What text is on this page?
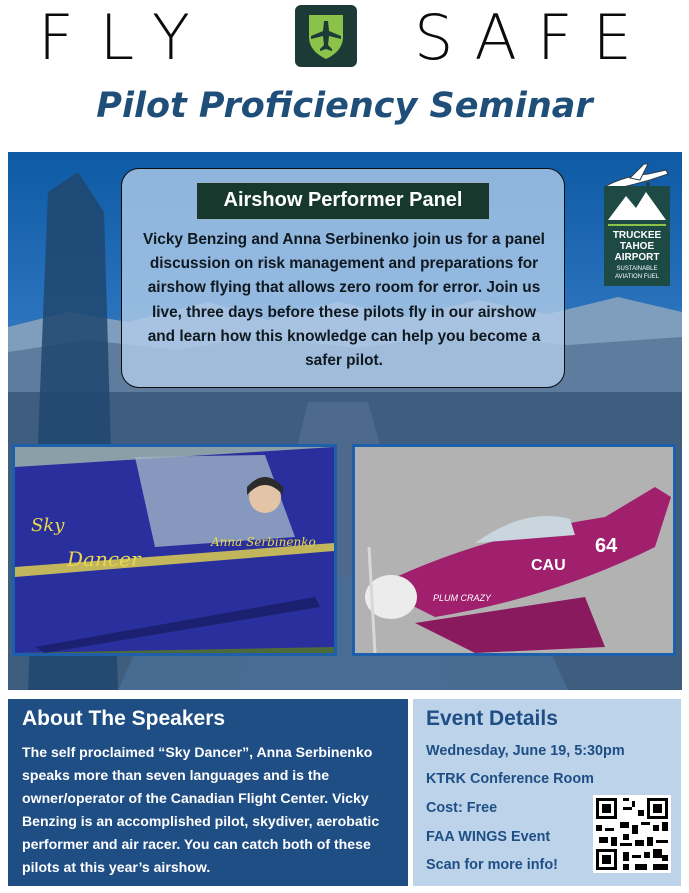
FLY	SAFE
Pilot Proficiency Seminar
Airshow Performer Panel
Vicky Benzing and Anna Serbinenko join us for a panel discussion on risk management and preparations for airshow flying that allows zero room for error. Join us live, three days before these pilots fly in our airshow and learn how this knowledge can help you become a safer pilot.
TRUCKEE
TAHOE
AIRPORT
SUSTAINABLE
AVIATION FUEL
Sky
Dancer
Anna Serbinenko
CAU
64
PLUM CRAZY
About The Speakers

The self proclaimed “Sky Dancer”, Anna Serbinenko speaks more than seven languages and is the owner/operator of the Canadian Flight Center. Vicky Benzing is an accomplished pilot, skydiver, aerobatic performer and air racer. You can catch both of these pilots at this year’s airshow.

Event Details
Wednesday, June 19, 5:30pm
KTRK Conference Room
Cost: Free
FAA WINGS Event
Scan for more info!
